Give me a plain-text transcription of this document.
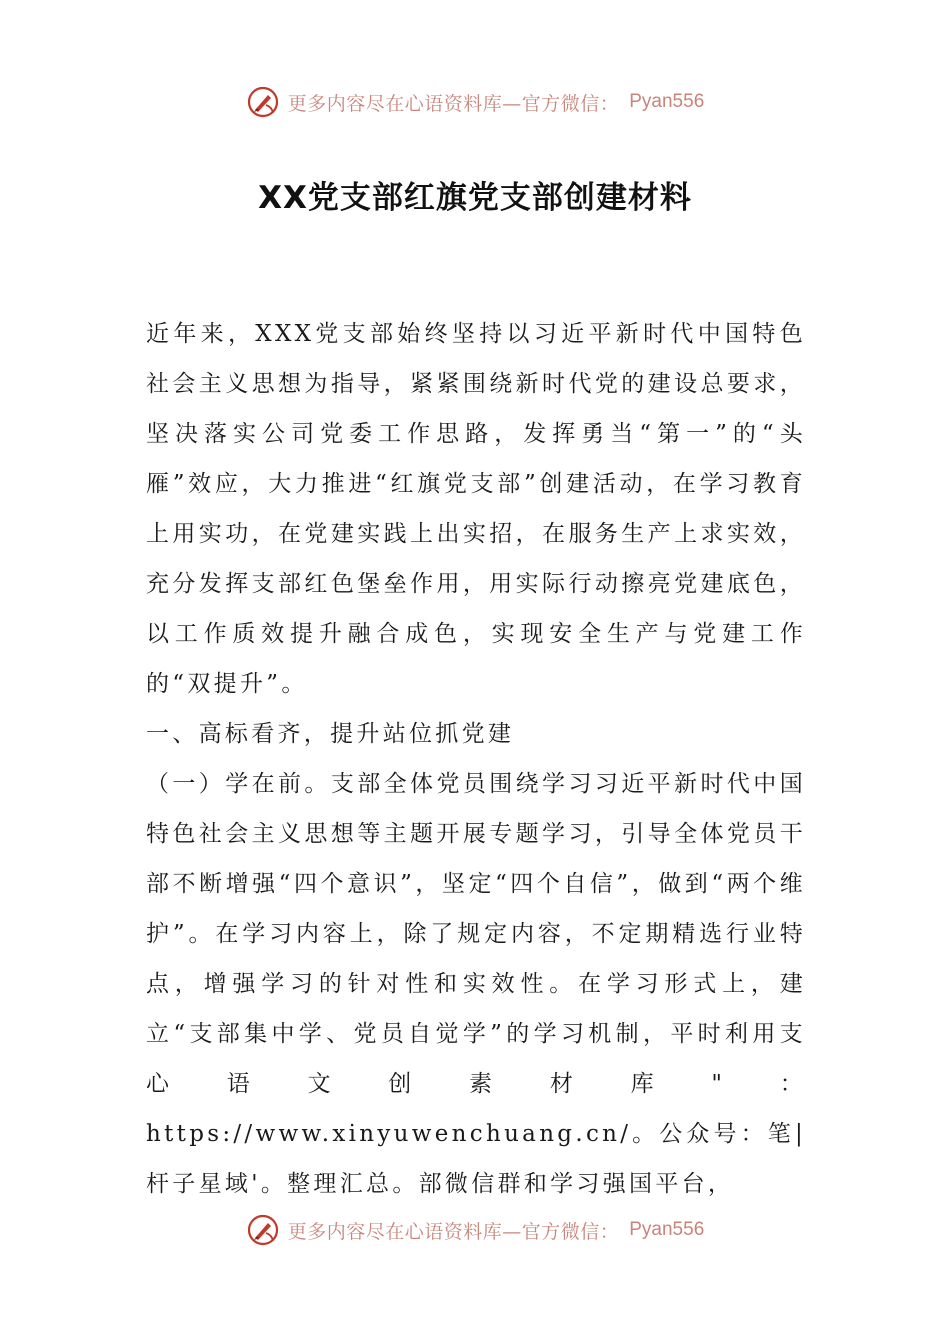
更多内容尽在心语资料库—官方微信： Pyan556
XX党支部红旗党支部创建材料

近年来，XXX党支部始终坚持以习近平新时代中国特色社会主义思想为指导，紧紧围绕新时代党的建设总要求，坚决落实公司党委工作思路，发挥勇当“第一”的“头雁”效应，大力推进“红旗党支部”创建活动，在学习教育上用实功，在党建实践上出实招，在服务生产上求实效，充分发挥支部红色堡垒作用，用实际行动擦亮党建底色，以工作质效提升融合成色，实现安全生产与党建工作的“双提升”。

一、高标看齐，提升站位抓党建

（一）学在前。支部全体党员围绕学习习近平新时代中国特色社会主义思想等主题开展专题学习，引导全体党员干部不断增强“四个意识”，坚定“四个自信”，做到“两个维护”。在学习内容上，除了规定内容，不定期精选行业特点，增强学习的针对性和实效性。在学习形式上，建立“支部集中学、党员自觉学”的学习机制，平时利用支心语文创素材库"：https://www.xinyuwenchuang.cn/。公众号：笔|杆子星域'。整理汇总。部微信群和学习强国平台，

更多内容尽在心语资料库—官方微信： Pyan556
